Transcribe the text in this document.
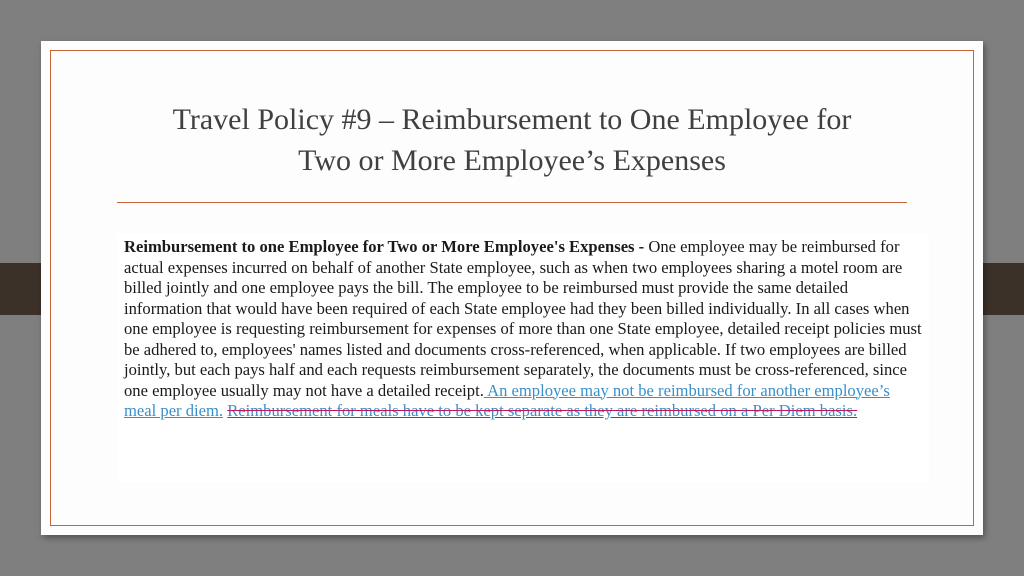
Travel Policy #9 – Reimbursement to One Employee for
Two or More Employee’s Expenses

Reimbursement to one Employee for Two or More Employee's Expenses - One employee may be reimbursed for actual expenses incurred on behalf of another State employee, such as when two employees sharing a motel room are billed jointly and one employee pays the bill. The employee to be reimbursed must provide the same detailed information that would have been required of each State employee had they been billed individually. In all cases when one employee is requesting reimbursement for expenses of more than one State employee, detailed receipt policies must be adhered to, employees' names listed and documents cross-referenced, when applicable. If two employees are billed jointly, but each pays half and each requests reimbursement separately, the documents must be cross-referenced, since one employee usually may not have a detailed receipt. An employee may not be reimbursed for another employee’s meal per diem. Reimbursement for meals have to be kept separate as they are reimbursed on a Per Diem basis.
